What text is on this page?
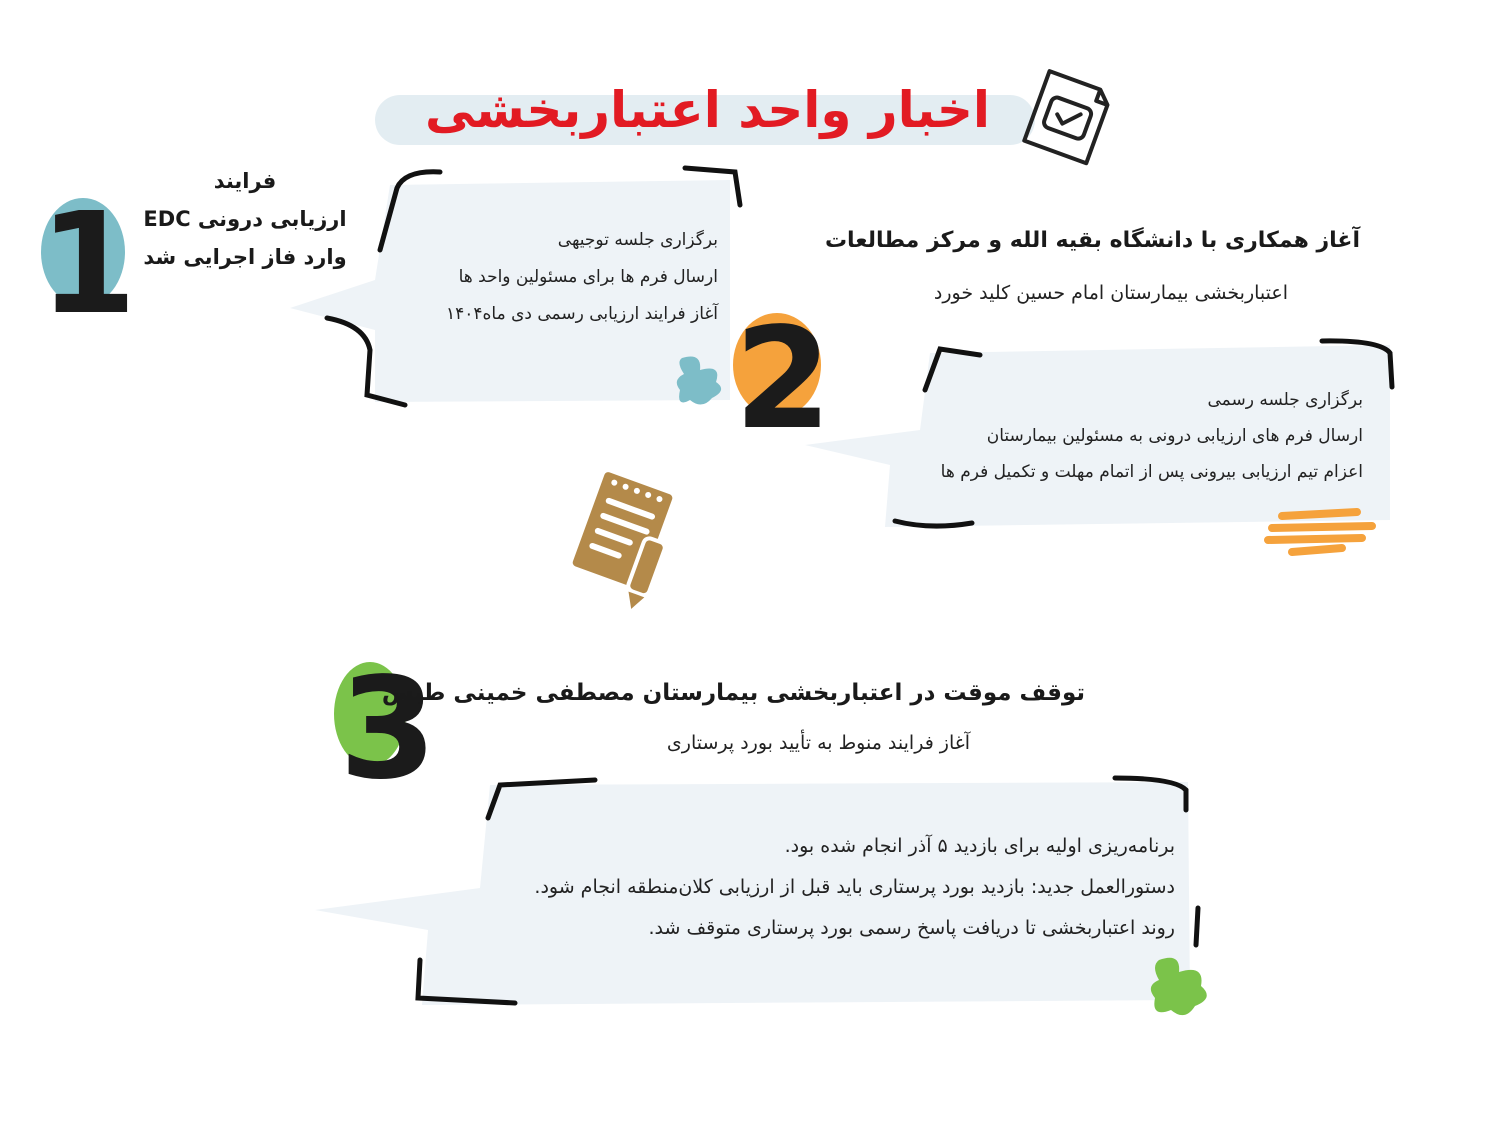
اخبار واحد اعتباربخشی
1
فرایند
ارزیابی درونی EDC
وارد فاز اجرایی شد
برگزاری جلسه توجیهی
ارسال فرم ها برای مسئولین واحد ها
آغاز فرایند ارزیابی رسمی دی ماه۱۴۰۴ 2
آغاز همکاری با دانشگاه بقیه الله و مرکز مطالعات
اعتباربخشی بیمارستان امام حسین کلید خورد
برگزاری جلسه رسمی
ارسال فرم های ارزیابی درونی به مسئولین بیمارستان
اعزام تیم ارزیابی بیرونی پس از اتمام مهلت و تکمیل فرم ها
3
توقف موقت در اعتباربخشی بیمارستان مصطفی خمینی طبس
آغاز فرایند منوط به تأیید بورد پرستاری
برنامه‌ریزی اولیه برای بازدید ۵ آذر انجام شده بود.
دستورالعمل جدید: بازدید بورد پرستاری باید قبل از ارزیابی کلان‌منطقه انجام شود.
روند اعتباربخشی تا دریافت پاسخ رسمی بورد پرستاری متوقف شد.
